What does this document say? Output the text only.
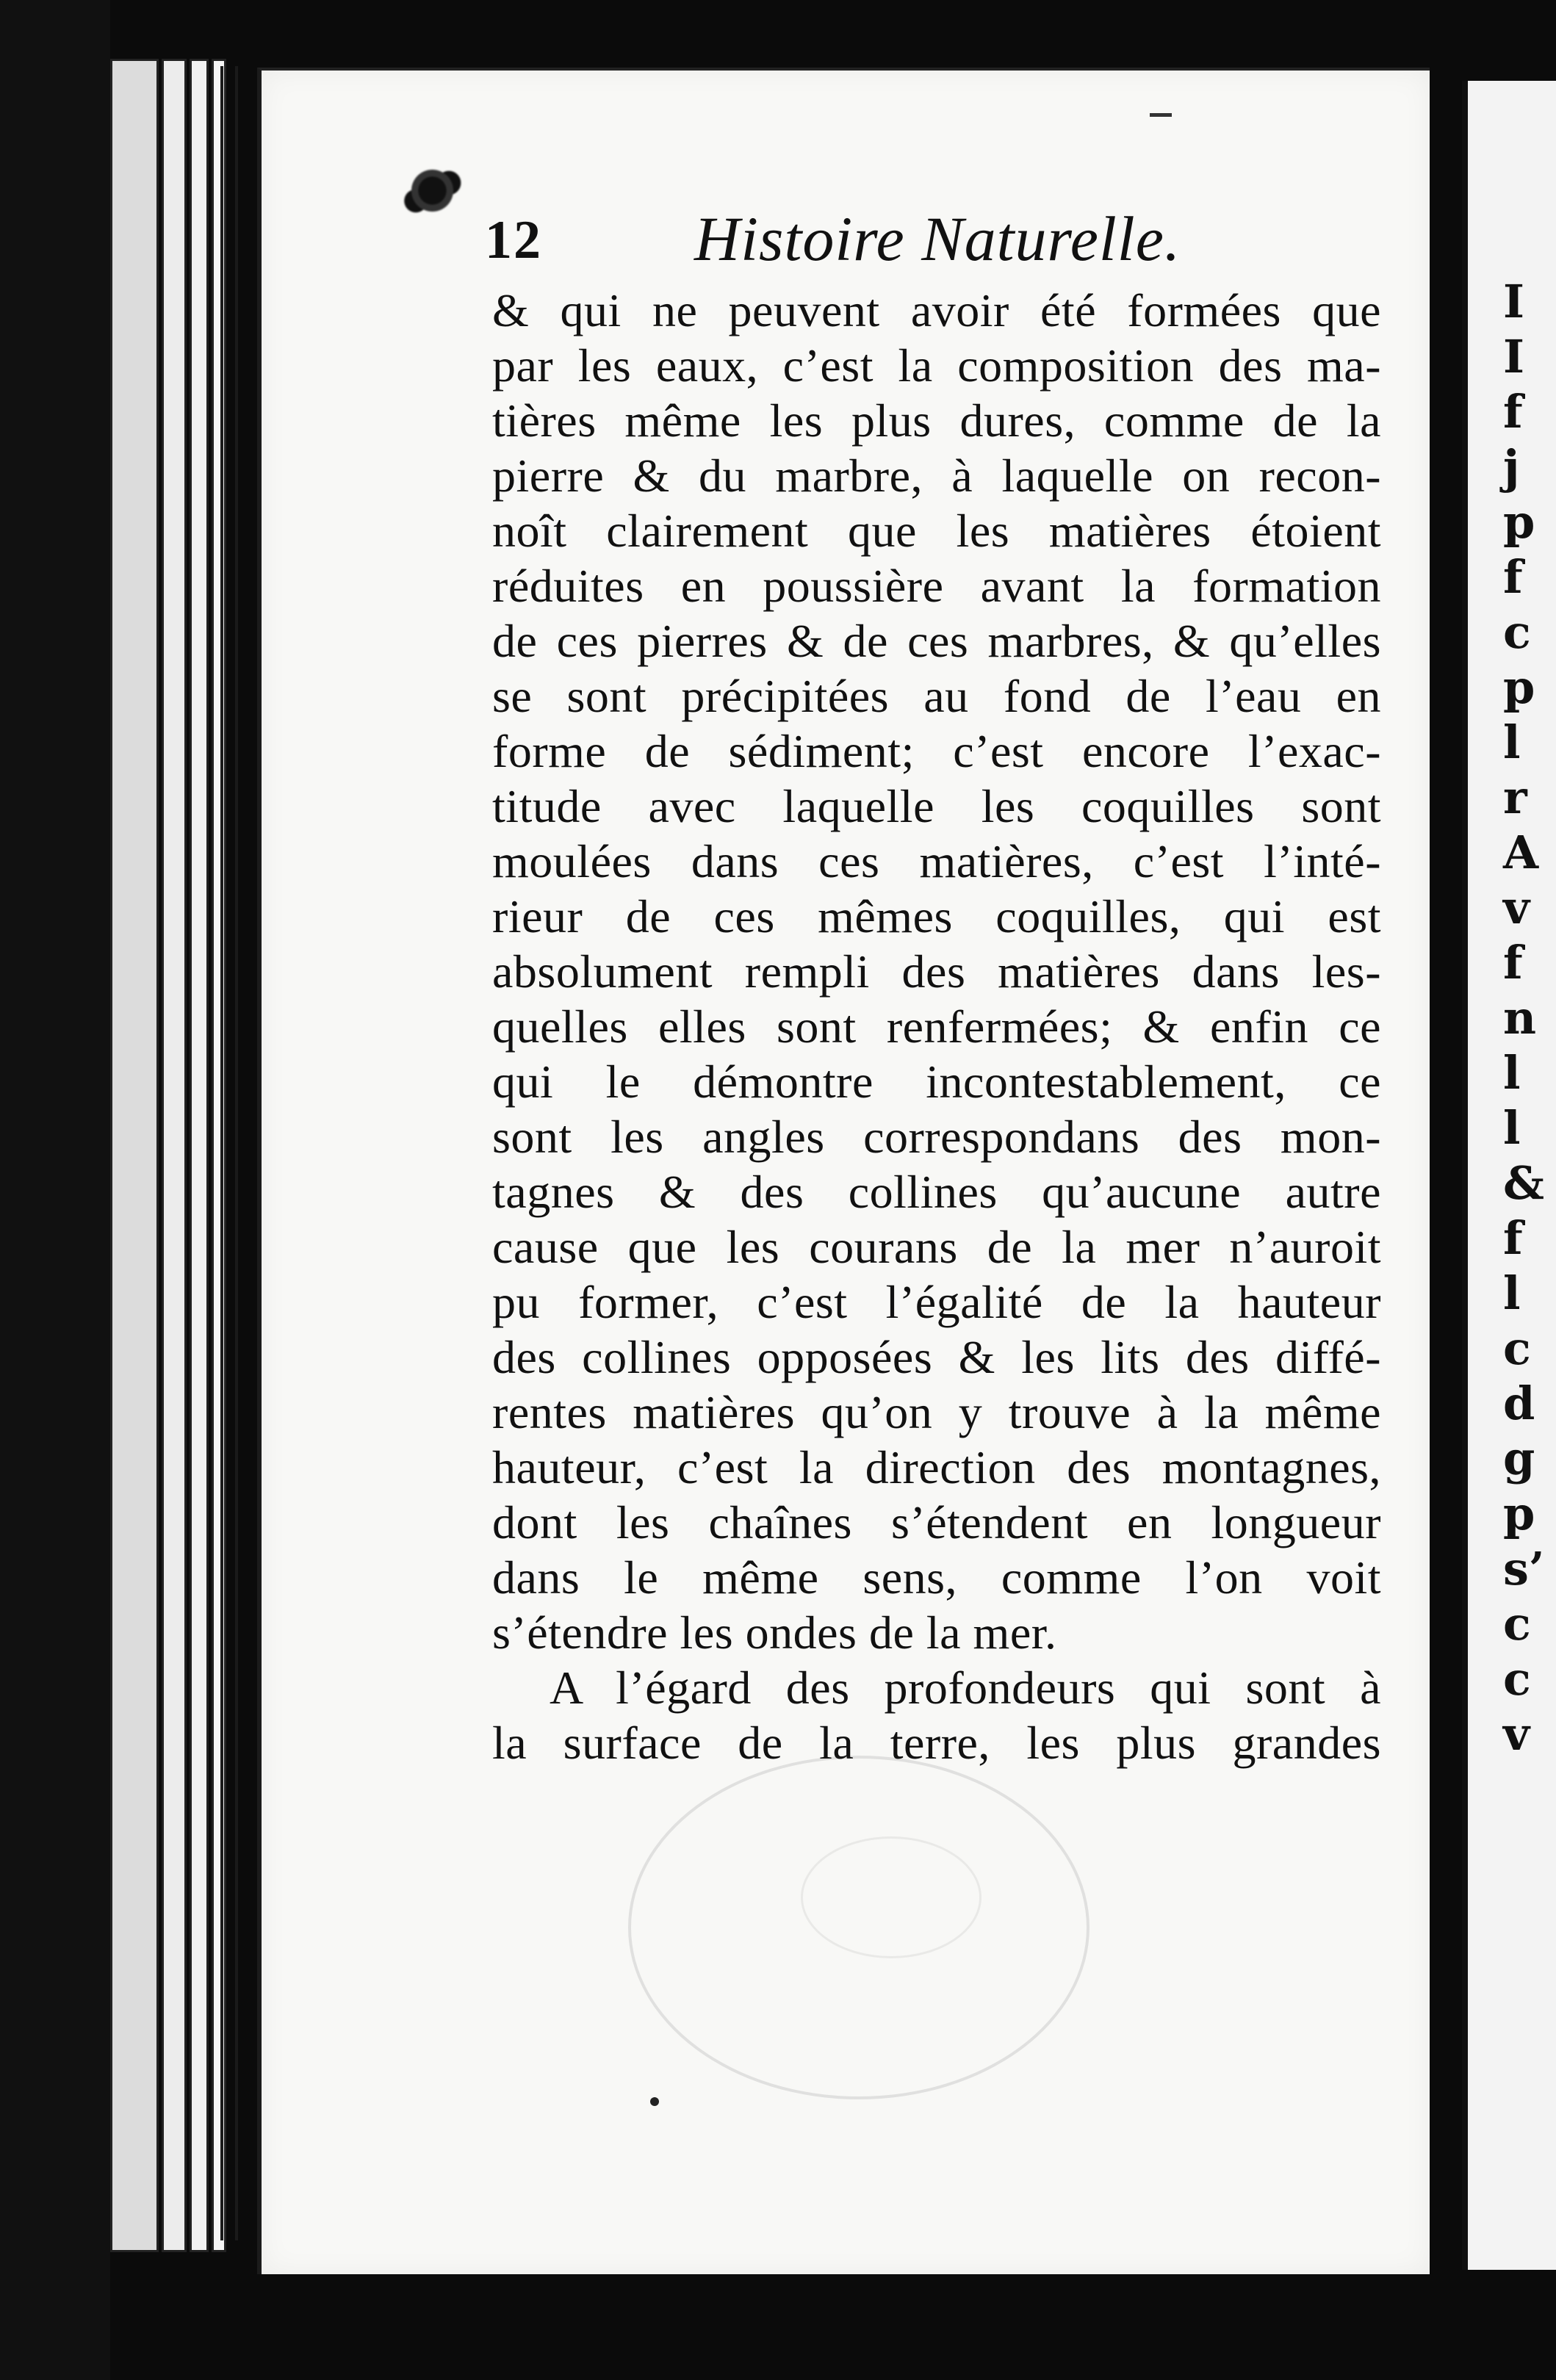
I
I
f
j
p
f
c
p
l
r
A
v
f
n
l
l
&
f
l
c
d
g
p
s’
c
c
v
12 Histoire Naturelle.
& qui ne peuvent avoir été formées que
par les eaux, c’est la composition des ma-
tières même les plus dures, comme de la
pierre & du marbre, à laquelle on recon-
noît clairement que les matières étoient
réduites en poussière avant la formation
de ces pierres & de ces marbres, & qu’elles
se sont précipitées au fond de l’eau en
forme de sédiment; c’est encore l’exac-
titude avec laquelle les coquilles sont
moulées dans ces matières, c’est l’inté-
rieur de ces mêmes coquilles, qui est
absolument rempli des matières dans les-
quelles elles sont renfermées; & enfin ce
qui le démontre incontestablement, ce
sont les angles correspondans des mon-
tagnes & des collines qu’aucune autre
cause que les courans de la mer n’auroit
pu former, c’est l’égalité de la hauteur
des collines opposées & les lits des diffé-
rentes matières qu’on y trouve à la même
hauteur, c’est la direction des montagnes,
dont les chaînes s’étendent en longueur
dans le même sens, comme l’on voit
s’étendre les ondes de la mer.
A l’égard des profondeurs qui sont à
la surface de la terre, les plus grandes
